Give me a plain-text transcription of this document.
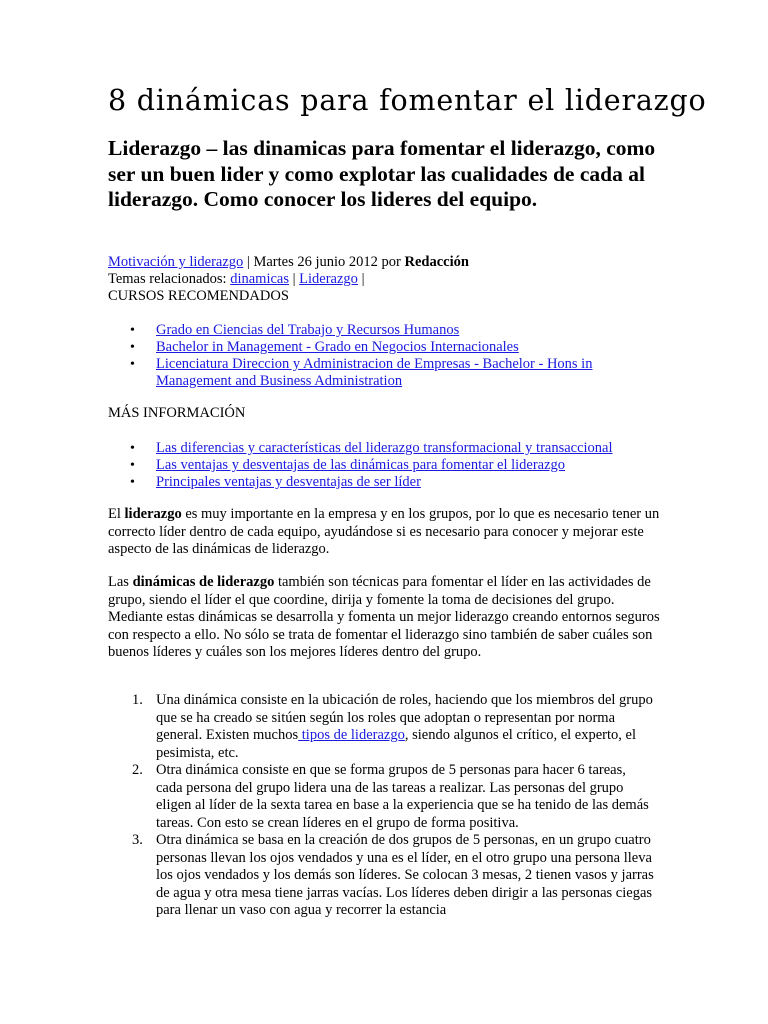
8 dinámicas para fomentar el liderazgo
Liderazgo – las dinamicas para fomentar el liderazgo, como ser un buen lider y como explotar las cualidades de cada al liderazgo. Como conocer los lideres del equipo.
Motivación y liderazgo | Martes 26 junio 2012 por Redacción
Temas relacionados: dinamicas | Liderazgo |
CURSOS RECOMENDADOS
• Grado en Ciencias del Trabajo y Recursos Humanos
• Bachelor in Management - Grado en Negocios Internacionales
• Licenciatura Direccion y Administracion de Empresas - Bachelor - Hons in Management and Business Administration
MÁS INFORMACIÓN
• Las diferencias y características del liderazgo transformacional y transaccional
• Las ventajas y desventajas de las dinámicas para fomentar el liderazgo
• Principales ventajas y desventajas de ser líder

El liderazgo es muy importante en la empresa y en los grupos, por lo que es necesario tener un correcto líder dentro de cada equipo, ayudándose si es necesario para conocer y mejorar este aspecto de las dinámicas de liderazgo.

Las dinámicas de liderazgo también son técnicas para fomentar el líder en las actividades de grupo, siendo el líder el que coordine, dirija y fomente la toma de decisiones del grupo. Mediante estas dinámicas se desarrolla y fomenta un mejor liderazgo creando entornos seguros con respecto a ello. No sólo se trata de fomentar el liderazgo sino también de saber cuáles son buenos líderes y cuáles son los mejores líderes dentro del grupo.

1. Una dinámica consiste en la ubicación de roles, haciendo que los miembros del grupo que se ha creado se sitúen según los roles que adoptan o representan por norma general. Existen muchos tipos de liderazgo, siendo algunos el crítico, el experto, el pesimista, etc.
2. Otra dinámica consiste en que se forma grupos de 5 personas para hacer 6 tareas, cada persona del grupo lidera una de las tareas a realizar. Las personas del grupo eligen al líder de la sexta tarea en base a la experiencia que se ha tenido de las demás tareas. Con esto se crean líderes en el grupo de forma positiva.
3. Otra dinámica se basa en la creación de dos grupos de 5 personas, en un grupo cuatro personas llevan los ojos vendados y una es el líder, en el otro grupo una persona lleva los ojos vendados y los demás son líderes. Se colocan 3 mesas, 2 tienen vasos y jarras de agua y otra mesa tiene jarras vacías. Los líderes deben dirigir a las personas ciegas para llenar un vaso con agua y recorrer la estancia
